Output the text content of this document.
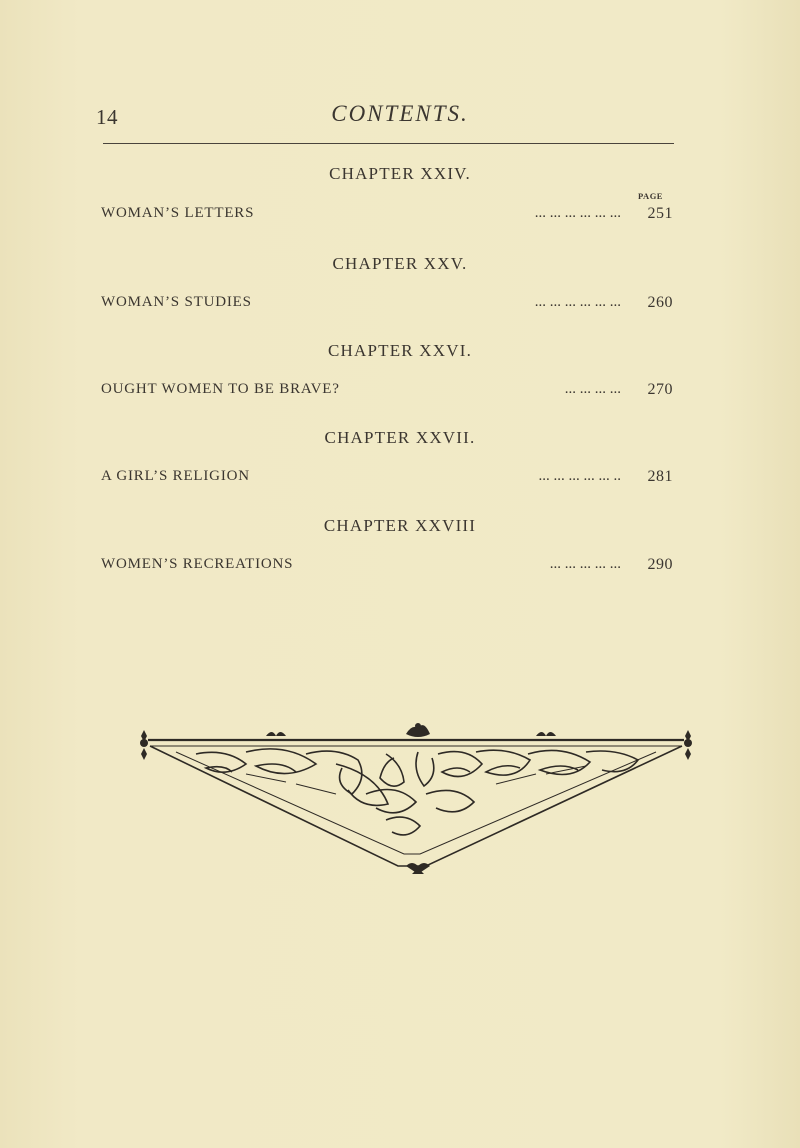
14	CONTENTS.
PAGE
CHAPTER XXIV.
WOMAN’S LETTERS	... ... ... ... ... ... 251
CHAPTER XXV.
WOMAN’S STUDIES	... ... ... ... ... ... 260
CHAPTER XXVI.
OUGHT WOMEN TO BE BRAVE?	... ... ... ... 270
CHAPTER XXVII.
A GIRL’S RELIGION	... ... ... ... ... .. 281
CHAPTER XXVIII
WOMEN’S RECREATIONS	... ... ... ... ... 290
